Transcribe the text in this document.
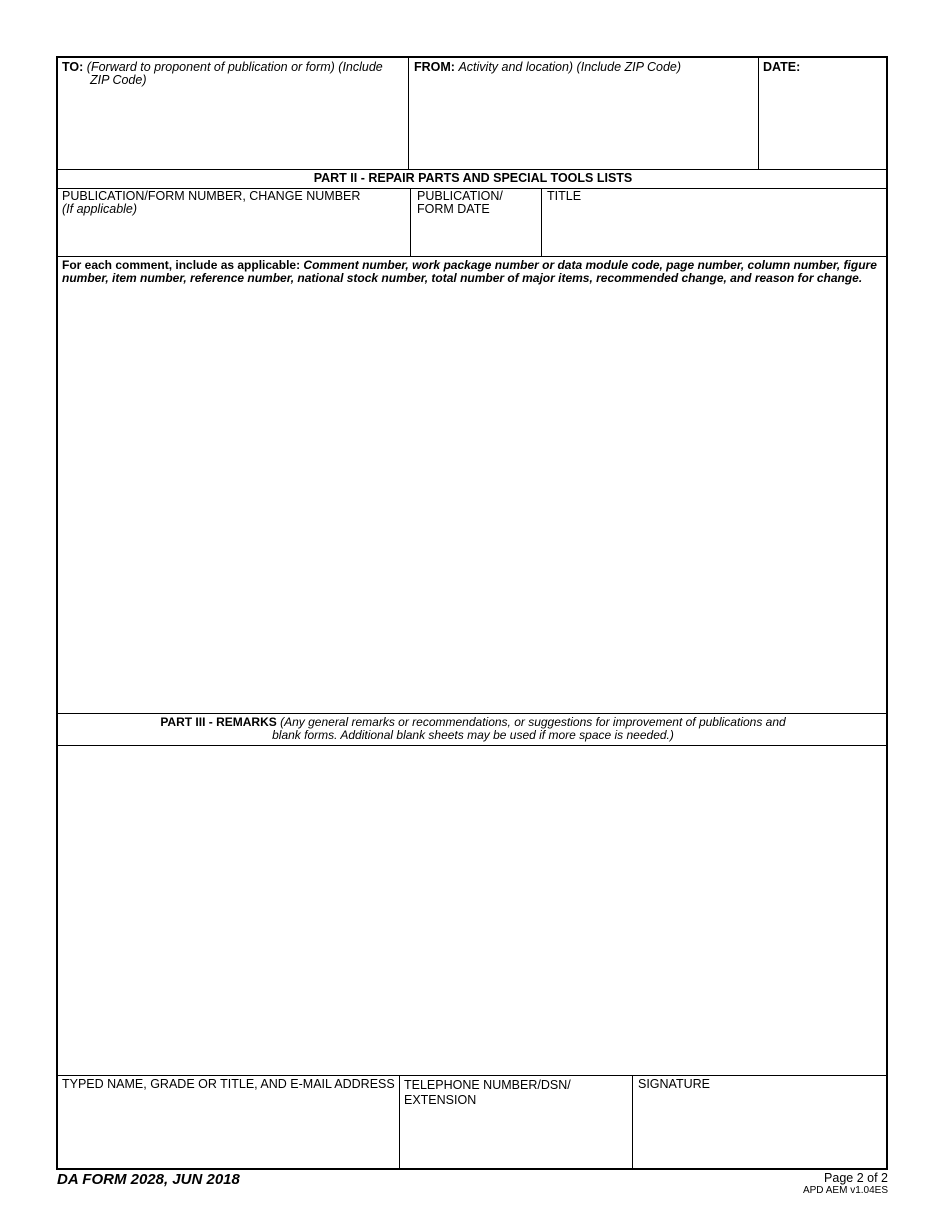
TO: (Forward to proponent of publication or form) (Include
ZIP Code)
FROM: Activity and location) (Include ZIP Code)	DATE:
PART II - REPAIR PARTS AND SPECIAL TOOLS LISTS
PUBLICATION/FORM NUMBER, CHANGE NUMBER
(If applicable)
PUBLICATION/
FORM DATE
TITLE
For each comment, include as applicable: Comment number, work package number or data module code, page number, column number, figure
number, item number, reference number, national stock number, total number of major items, recommended change, and reason for change.
PART III - REMARKS (Any general remarks or recommendations, or suggestions for improvement of publications and
blank forms. Additional blank sheets may be used if more space is needed.)
TYPED NAME, GRADE OR TITLE, AND E-MAIL ADDRESS TELEPHONE NUMBER/DSN/
EXTENSION
SIGNATURE
DA FORM 2028, JUN 2018	Page 2 of 2
APD AEM v1.04ES
